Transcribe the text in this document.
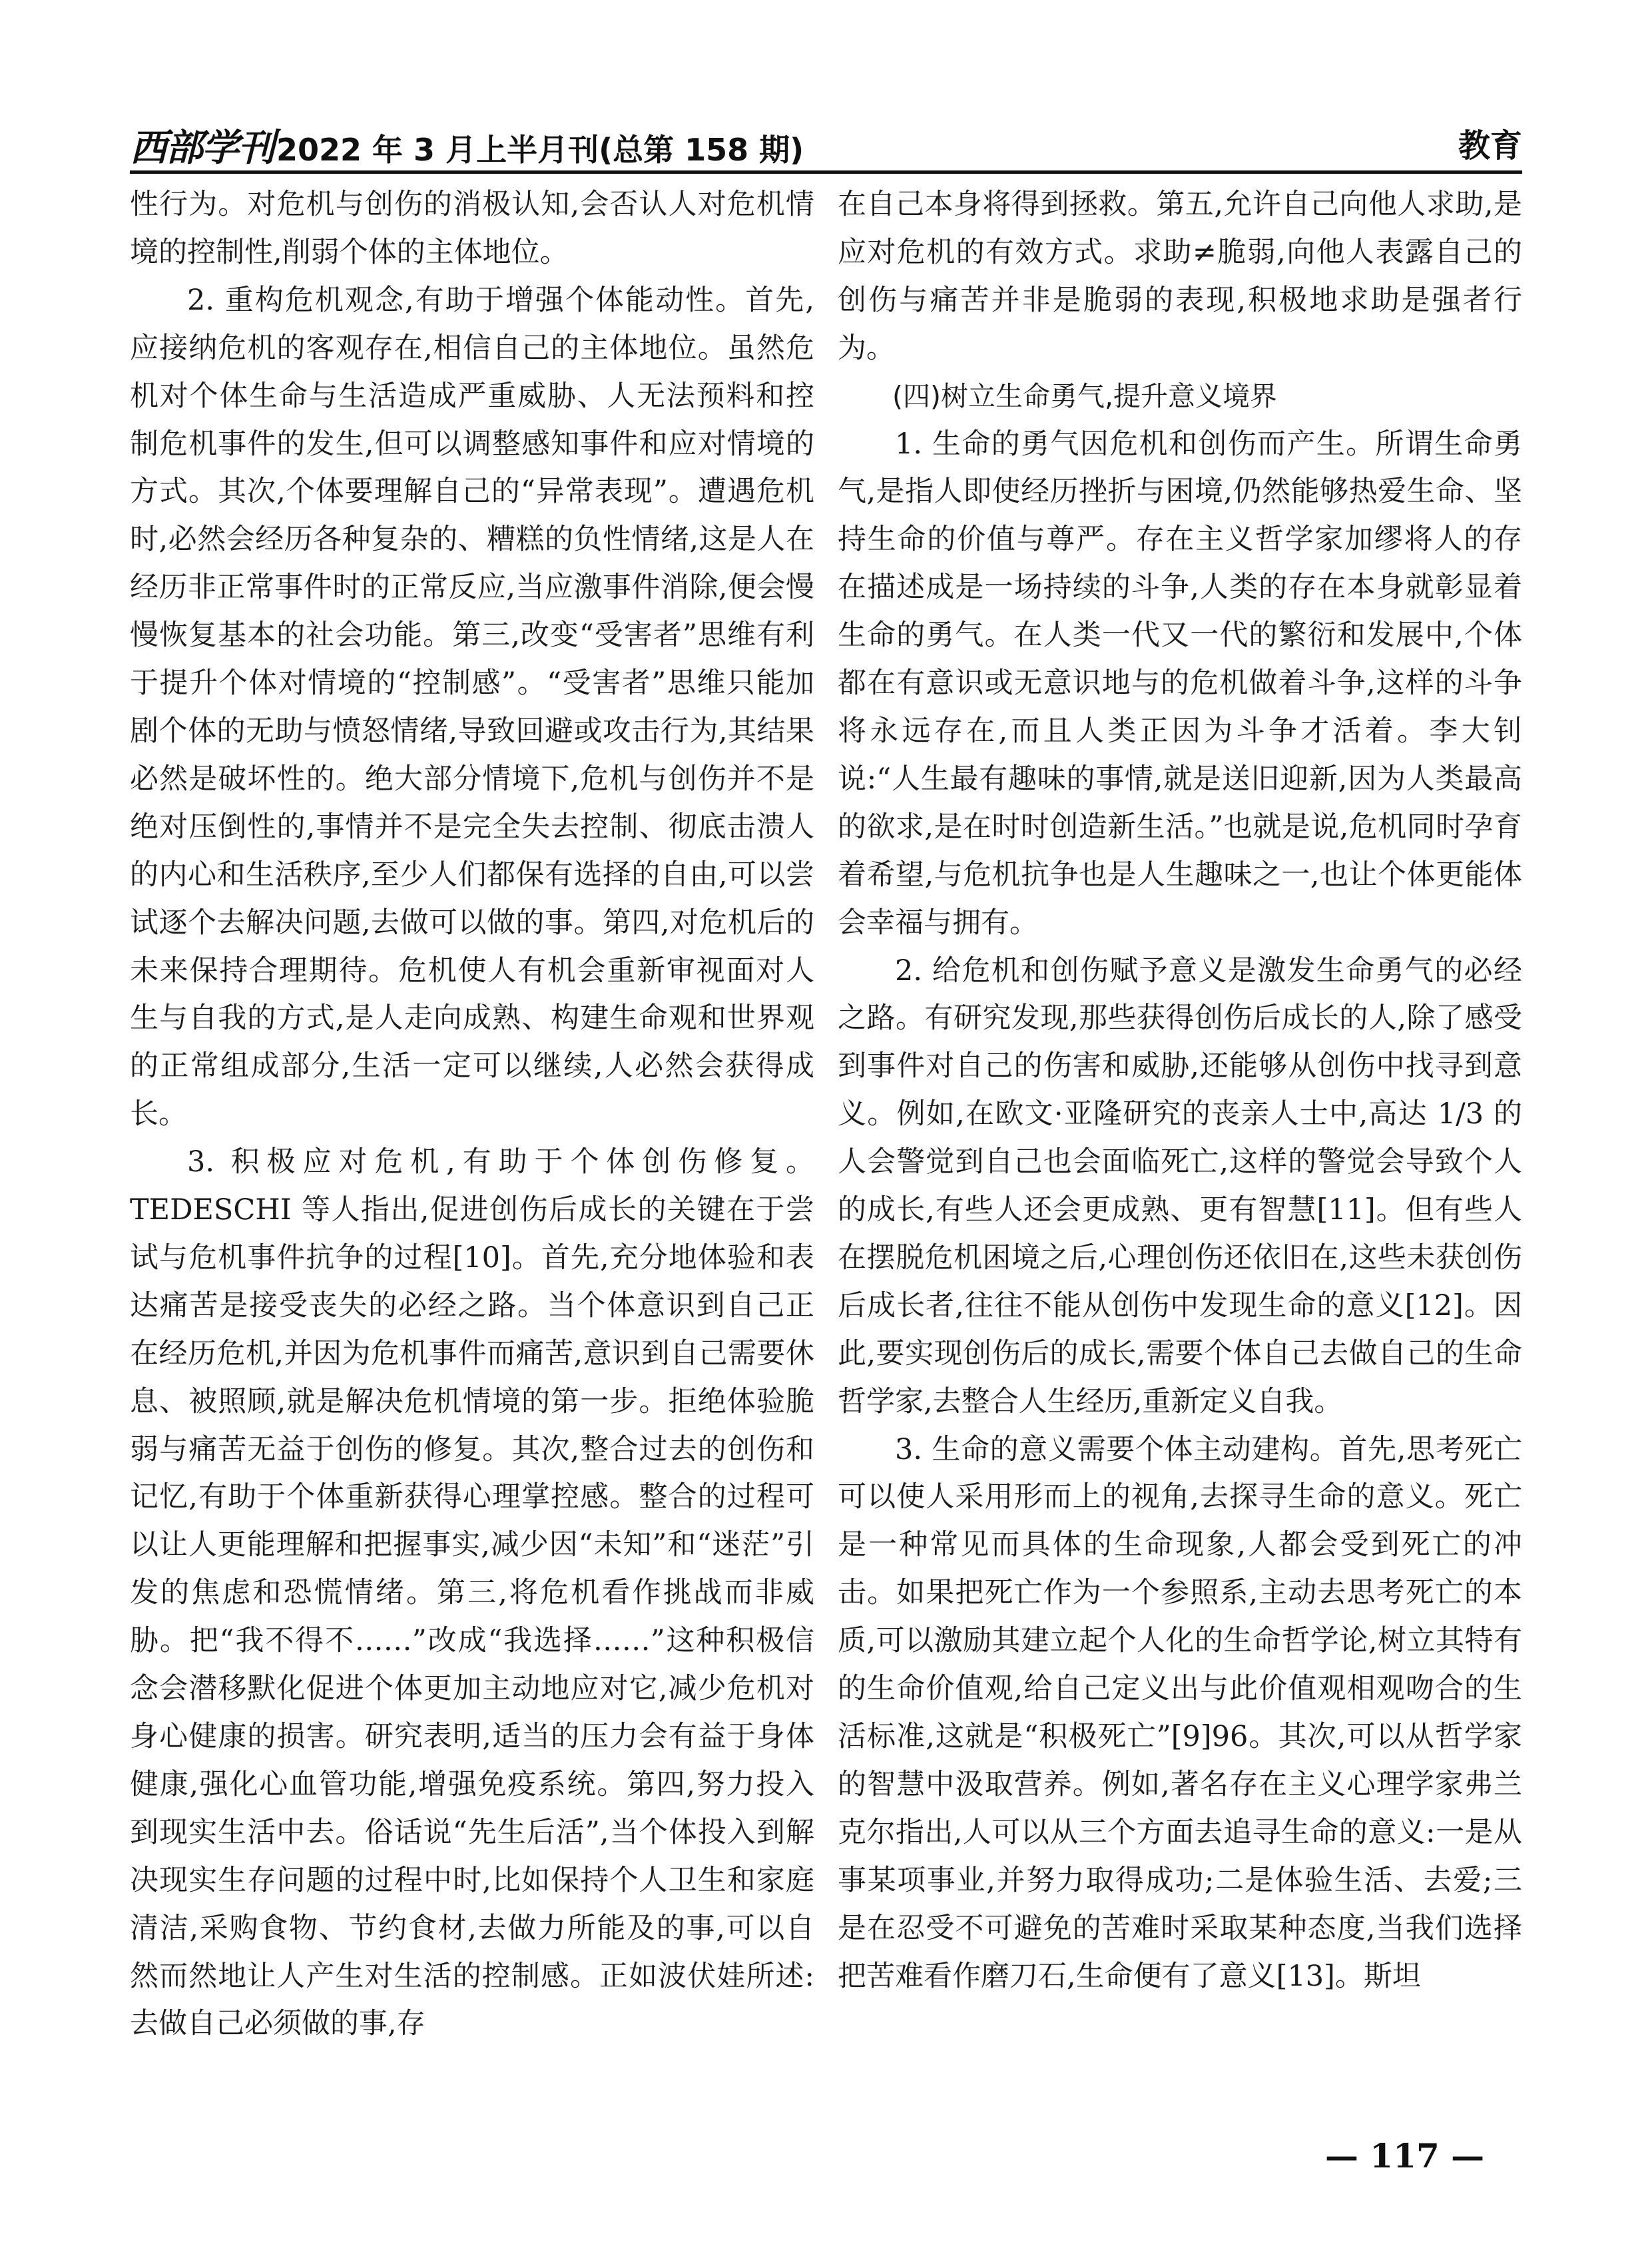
西部学刊2022 年 3 月上半月刊(总第 158 期)	教育

性行为。对危机与创伤的消极认知,会否认人对危机情境的控制性,削弱个体的主体地位。

2. 重构危机观念,有助于增强个体能动性。首先,应接纳危机的客观存在,相信自己的主体地位。虽然危机对个体生命与生活造成严重威胁、人无法预料和控制危机事件的发生,但可以调整感知事件和应对情境的方式。其次,个体要理解自己的“异常表现”。遭遇危机时,必然会经历各种复杂的、糟糕的负性情绪,这是人在经历非正常事件时的正常反应,当应激事件消除,便会慢慢恢复基本的社会功能。第三,改变“受害者”思维有利于提升个体对情境的“控制感”。“受害者”思维只能加剧个体的无助与愤怒情绪,导致回避或攻击行为,其结果必然是破坏性的。绝大部分情境下,危机与创伤并不是绝对压倒性的,事情并不是完全失去控制、彻底击溃人的内心和生活秩序,至少人们都保有选择的自由,可以尝试逐个去解决问题,去做可以做的事。第四,对危机后的未来保持合理期待。危机使人有机会重新审视面对人生与自我的方式,是人走向成熟、构建生命观和世界观的正常组成部分,生活一定可以继续,人必然会获得成长。

3. 积极应对危机,有助于个体创伤修复。TEDESCHI 等人指出,促进创伤后成长的关键在于尝试与危机事件抗争的过程[10]。首先,充分地体验和表达痛苦是接受丧失的必经之路。当个体意识到自己正在经历危机,并因为危机事件而痛苦,意识到自己需要休息、被照顾,就是解决危机情境的第一步。拒绝体验脆弱与痛苦无益于创伤的修复。其次,整合过去的创伤和记忆,有助于个体重新获得心理掌控感。整合的过程可以让人更能理解和把握事实,减少因“未知”和“迷茫”引发的焦虑和恐慌情绪。第三,将危机看作挑战而非威胁。把“我不得不……”改成“我选择……”这种积极信念会潜移默化促进个体更加主动地应对它,减少危机对身心健康的损害。研究表明,适当的压力会有益于身体健康,强化心血管功能,增强免疫系统。第四,努力投入到现实生活中去。俗话说“先生后活”,当个体投入到解决现实生存问题的过程中时,比如保持个人卫生和家庭清洁,采购食物、节约食材,去做力所能及的事,可以自然而然地让人产生对生活的控制感。正如波伏娃所述:去做自己必须做的事,存

在自己本身将得到拯救。第五,允许自己向他人求助,是应对危机的有效方式。求助≠脆弱,向他人表露自己的创伤与痛苦并非是脆弱的表现,积极地求助是强者行为。

(四)树立生命勇气,提升意义境界

1. 生命的勇气因危机和创伤而产生。所谓生命勇气,是指人即使经历挫折与困境,仍然能够热爱生命、坚持生命的价值与尊严。存在主义哲学家加缪将人的存在描述成是一场持续的斗争,人类的存在本身就彰显着生命的勇气。在人类一代又一代的繁衍和发展中,个体都在有意识或无意识地与的危机做着斗争,这样的斗争将永远存在,而且人类正因为斗争才活着。李大钊说:“人生最有趣味的事情,就是送旧迎新,因为人类最高的欲求,是在时时创造新生活。”也就是说,危机同时孕育着希望,与危机抗争也是人生趣味之一,也让个体更能体会幸福与拥有。

2. 给危机和创伤赋予意义是激发生命勇气的必经之路。有研究发现,那些获得创伤后成长的人,除了感受到事件对自己的伤害和威胁,还能够从创伤中找寻到意义。例如,在欧文·亚隆研究的丧亲人士中,高达 1/3 的人会警觉到自己也会面临死亡,这样的警觉会导致个人的成长,有些人还会更成熟、更有智慧[11]。但有些人在摆脱危机困境之后,心理创伤还依旧在,这些未获创伤后成长者,往往不能从创伤中发现生命的意义[12]。因此,要实现创伤后的成长,需要个体自己去做自己的生命哲学家,去整合人生经历,重新定义自我。

3. 生命的意义需要个体主动建构。首先,思考死亡可以使人采用形而上的视角,去探寻生命的意义。死亡是一种常见而具体的生命现象,人都会受到死亡的冲击。如果把死亡作为一个参照系,主动去思考死亡的本质,可以激励其建立起个人化的生命哲学论,树立其特有的生命价值观,给自己定义出与此价值观相观吻合的生活标准,这就是“积极死亡”[9]96。其次,可以从哲学家的智慧中汲取营养。例如,著名存在主义心理学家弗兰克尔指出,人可以从三个方面去追寻生命的意义:一是从事某项事业,并努力取得成功;二是体验生活、去爱;三是在忍受不可避免的苦难时采取某种态度,当我们选择把苦难看作磨刀石,生命便有了意义[13]。斯坦

— 117 —
